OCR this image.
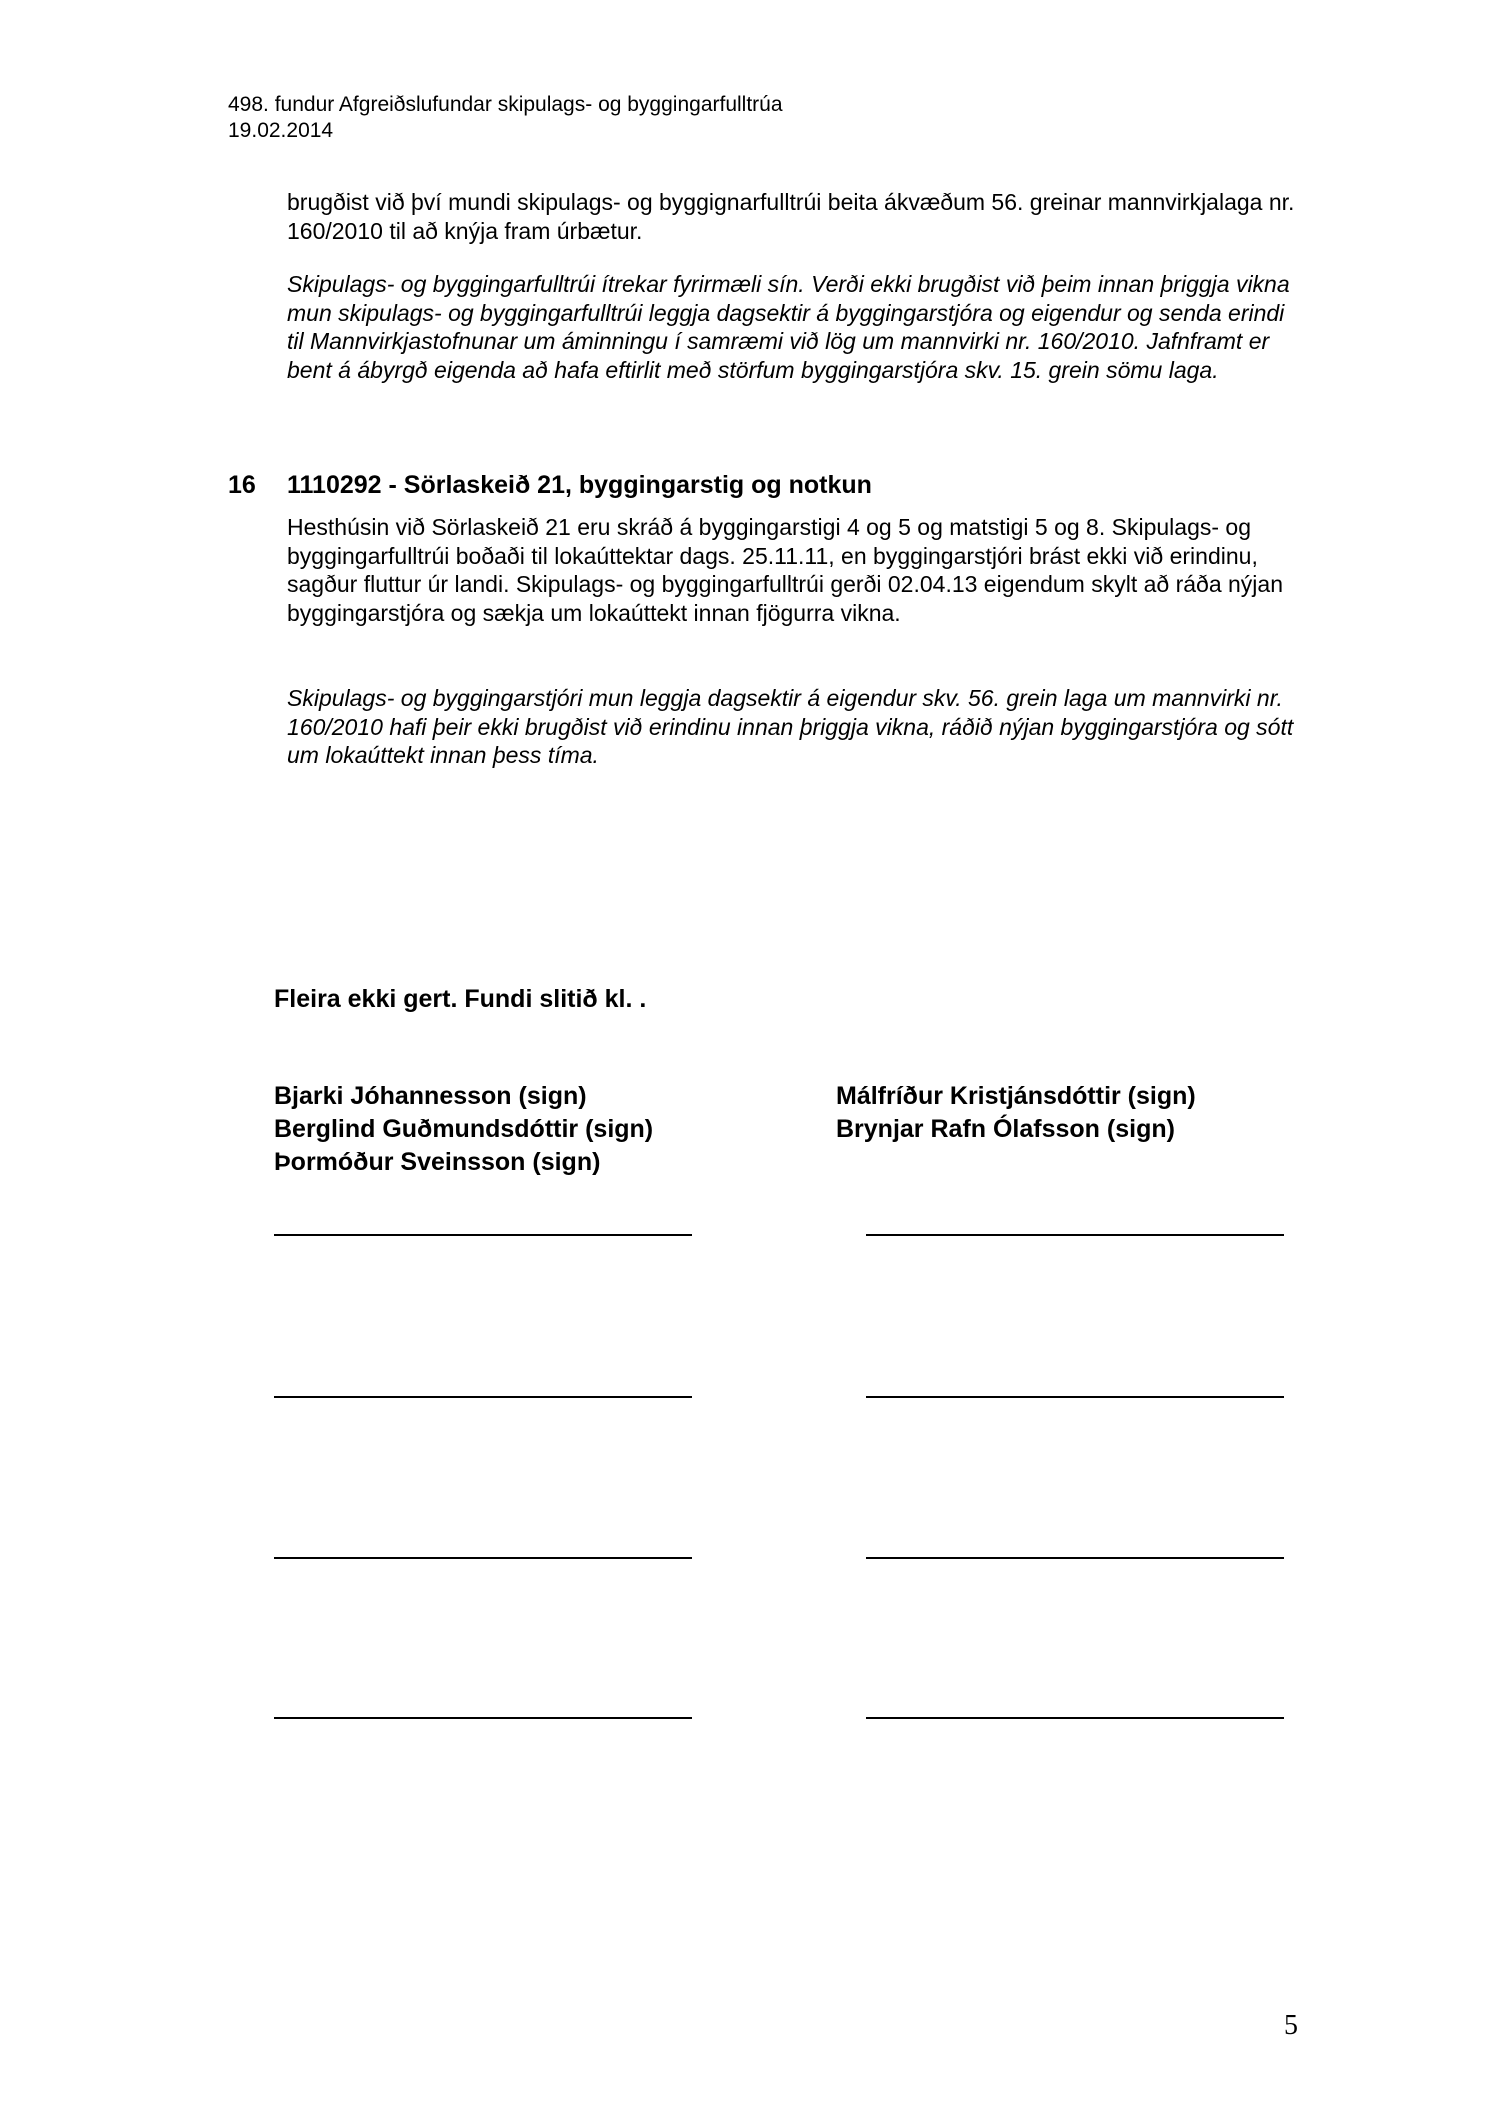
498. fundur Afgreiðslufundar skipulags- og byggingarfulltrúa
19.02.2014

brugðist við því mundi skipulags- og byggignarfulltrúi beita ákvæðum 56. greinar mannvirkjalaga nr. 160/2010 til að knýja fram úrbætur.

Skipulags- og byggingarfulltrúi ítrekar fyrirmæli sín. Verði ekki brugðist við þeim innan þriggja vikna mun skipulags- og byggingarfulltrúi leggja dagsektir á byggingarstjóra og eigendur og senda erindi til Mannvirkjastofnunar um áminningu í samræmi við lög um mannvirki nr. 160/2010. Jafnframt er bent á ábyrgð eigenda að hafa eftirlit með störfum byggingarstjóra skv. 15. grein sömu laga.

16 1110292 - Sörlaskeið 21, byggingarstig og notkun

Hesthúsin við Sörlaskeið 21 eru skráð á byggingarstigi 4 og 5 og matstigi 5 og 8. Skipulags- og byggingarfulltrúi boðaði til lokaúttektar dags. 25.11.11, en byggingarstjóri brást ekki við erindinu, sagður fluttur úr landi. Skipulags- og byggingarfulltrúi gerði 02.04.13 eigendum skylt að ráða nýjan byggingarstjóra og sækja um lokaúttekt innan fjögurra vikna.

Skipulags- og byggingarstjóri mun leggja dagsektir á eigendur skv. 56. grein laga um mannvirki nr. 160/2010 hafi þeir ekki brugðist við erindinu innan þriggja vikna, ráðið nýjan byggingarstjóra og sótt um lokaúttekt innan þess tíma.

Fleira ekki gert. Fundi slitið kl. .
Bjarki Jóhannesson (sign)
Berglind Guðmundsdóttir (sign)
Þormóður Sveinsson (sign)
Málfríður Kristjánsdóttir (sign)
Brynjar Rafn Ólafsson (sign)
5
